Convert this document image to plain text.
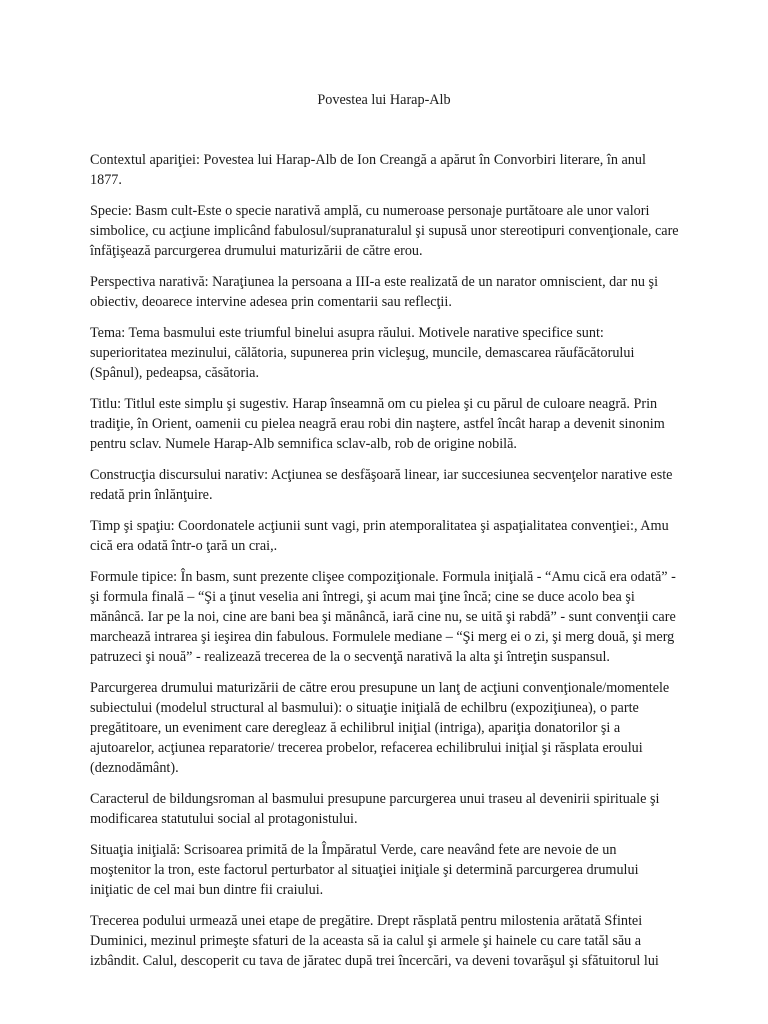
Povestea lui Harap-Alb

Contextul apariţiei: Povestea lui Harap-Alb de Ion Creangă a apărut în Convorbiri literare, în anul 1877.

Specie: Basm cult-Este o specie narativă amplă, cu numeroase personaje purtătoare ale unor valori simbolice, cu acţiune implicând fabulosul/supranaturalul şi supusă unor stereotipuri convenţionale, care înfăţişează parcurgerea drumului maturizării de către erou.

Perspectiva narativă: Naraţiunea la persoana a III-a este realizată de un narator omniscient, dar nu şi obiectiv, deoarece intervine adesea prin comentarii sau reflecţii.

Tema: Tema basmului este triumful binelui asupra răului. Motivele narative specifice sunt: superioritatea mezinului, călătoria, supunerea prin vicleşug, muncile, demascarea răufăcătorului (Spânul), pedeapsa, căsătoria.

Titlu: Titlul este simplu şi sugestiv. Harap înseamnă om cu pielea şi cu părul de culoare neagră. Prin tradiţie, în Orient, oamenii cu pielea neagră erau robi din naştere, astfel încât harap a devenit sinonim pentru sclav. Numele Harap-Alb semnifica sclav-alb, rob de origine nobilă.

Construcţia discursului narativ: Acţiunea se desfăşoară linear, iar succesiunea secvenţelor narative este redată prin înlănţuire.

Timp şi spaţiu: Coordonatele acţiunii sunt vagi, prin atemporalitatea şi aspaţialitatea convenţiei:, Amu cică era odată într-o ţară un crai,.

Formule tipice: În basm, sunt prezente clişee compoziţionale. Formula iniţială - “Amu cică era odată” - şi formula finală – “Şi a ţinut veselia ani întregi, şi acum mai ţine încă; cine se duce acolo bea şi mănâncă. Iar pe la noi, cine are bani bea şi mănâncă, iară cine nu, se uită şi rabdă” - sunt convenţii care marchează intrarea şi ieşirea din fabulous. Formulele mediane – “Şi merg ei o zi, şi merg două, şi merg patruzeci şi nouă” - realizează trecerea de la o secvenţă narativă la alta şi întreţin suspansul.

Parcurgerea drumului maturizării de către erou presupune un lanţ de acţiuni convenţionale/momentele subiectului (modelul structural al basmului): o situaţie iniţială de echilbru (expoziţiunea), o parte pregătitoare, un eveniment care deregleaz ă echilibrul iniţial (intriga), apariţia donatorilor şi a ajutoarelor, acţiunea reparatorie/ trecerea probelor, refacerea echilibrului iniţial şi răsplata eroului (deznodământ).

Caracterul de bildungsroman al basmului presupune parcurgerea unui traseu al devenirii spirituale şi modificarea statutului social al protagonistului.

Situaţia iniţială: Scrisoarea primită de la Împăratul Verde, care neavând fete are nevoie de un moştenitor la tron, este factorul perturbator al situaţiei iniţiale şi determină parcurgerea drumului iniţiatic de cel mai bun dintre fii craiului.

Trecerea podului urmează unei etape de pregătire. Drept răsplată pentru milostenia arătată Sfintei Duminici, mezinul primeşte sfaturi de la aceasta să ia calul şi armele şi hainele cu care tatăl său a izbândit. Calul, descoperit cu tava de jăratec după trei încercări, va deveni tovarăşul şi sfătuitorul lui
